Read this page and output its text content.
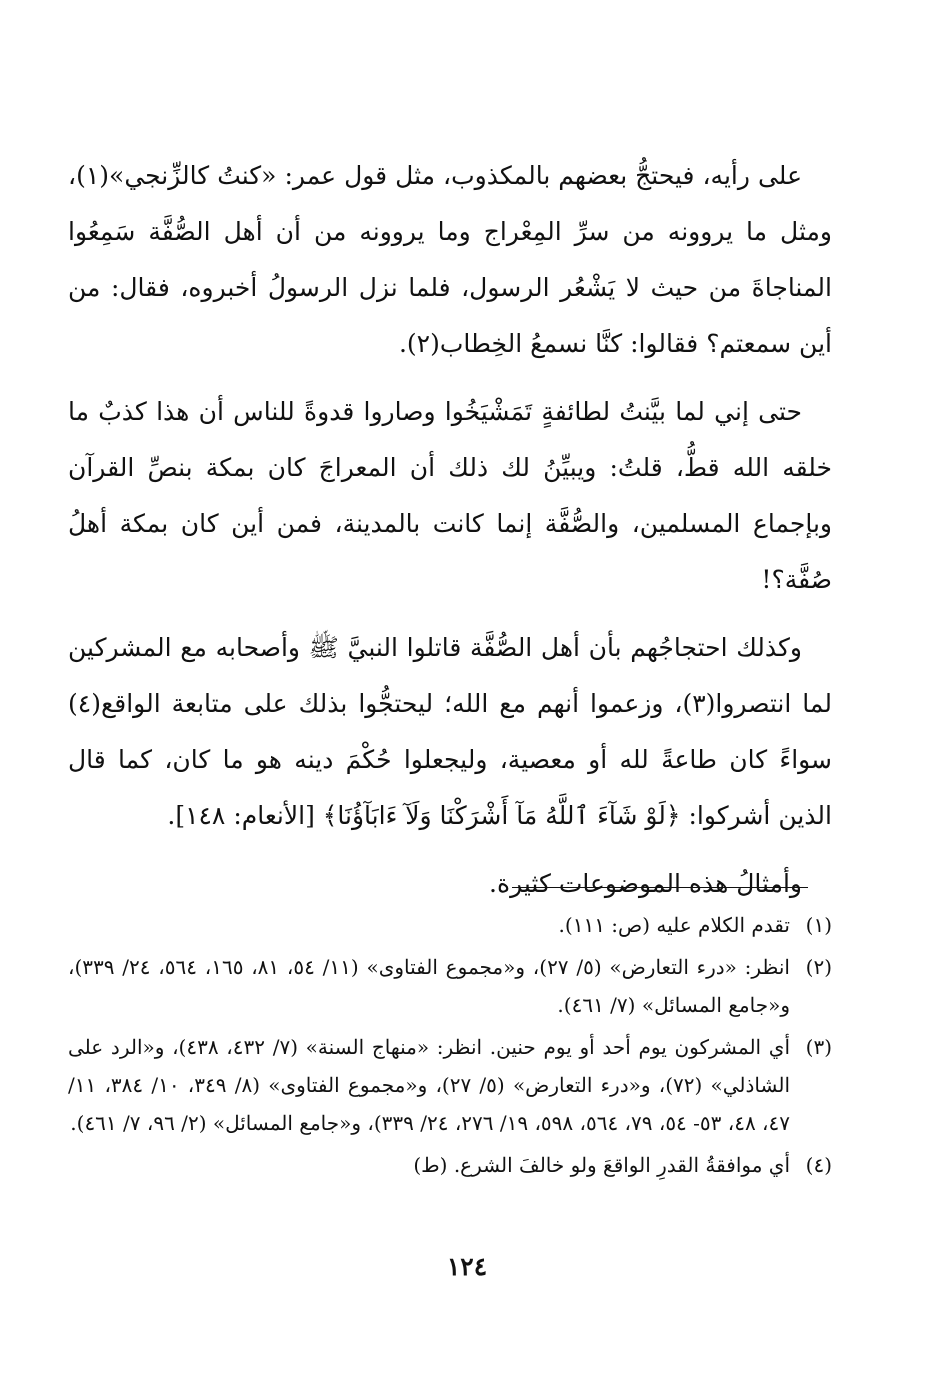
على رأيه، فيحتجُّ بعضهم بالمكذوب، مثل قول عمر: «كنتُ كالزِّنجي»(١)، ومثل ما يروونه من سرِّ المِعْراج وما يروونه من أن أهل الصُّفَّة سَمِعُوا المناجاةَ من حيث لا يَشْعُر الرسول، فلما نزل الرسولُ أخبروه، فقال: من أين سمعتم؟ فقالوا: كنَّا نسمعُ الخِطاب(٢).

حتى إني لما بيَّنتُ لطائفةٍ تَمَشْيَخُوا وصاروا قدوةً للناس أن هذا كذبٌ ما خلقه الله قطُّ، قلتُ: ويبيِّنُ لك ذلك أن المعراجَ كان بمكة بنصِّ القرآن وبإجماع المسلمين، والصُّفَّة إنما كانت بالمدينة، فمن أين كان بمكة أهلُ صُفَّة؟!

وكذلك احتجاجُهم بأن أهل الصُّفَّة قاتلوا النبيَّ ﷺ وأصحابه مع المشركين لما انتصروا(٣)، وزعموا أنهم مع الله؛ ليحتجُّوا بذلك على متابعة الواقع(٤) سواءً كان طاعةً لله أو معصية، وليجعلوا حُكْمَ دينه هو ما كان، كما قال الذين أشركوا: ﴿لَوْ شَآءَ ٱللَّهُ مَآ أَشْرَكْنَا وَلَآ ءَابَآؤُنَا﴾ [الأنعام: ١٤٨].

وأمثالُ هذه الموضوعات كثيرة.

(١)
تقدم الكلام عليه (ص: ١١١).
(٢)
انظر: «درء التعارض» (٥/ ٢٧)، و«مجموع الفتاوى» (١١/ ٥٤، ٨١، ١٦٥، ٥٦٤، ٢٤/ ٣٣٩)، و«جامع المسائل» (٧/ ٤٦١).
(٣)
أي المشركون يوم أحد أو يوم حنين. انظر: «منهاج السنة» (٧/ ٤٣٢، ٤٣٨)، و«الرد على الشاذلي» (٧٢)، و«درء التعارض» (٥/ ٢٧)، و«مجموع الفتاوى» (٨/ ٣٤٩، ١٠/ ٣٨٤، ١١/ ٤٧، ٤٨، ٥٣- ٥٤، ٧٩، ٥٦٤، ٥٩٨، ١٩/ ٢٧٦، ٢٤/ ٣٣٩)، و«جامع المسائل» (٢/ ٩٦، ٧/ ٤٦١).
(٤)
أي موافقةُ القدرِ الواقعَ ولو خالفَ الشرع. (ط)
١٢٤
